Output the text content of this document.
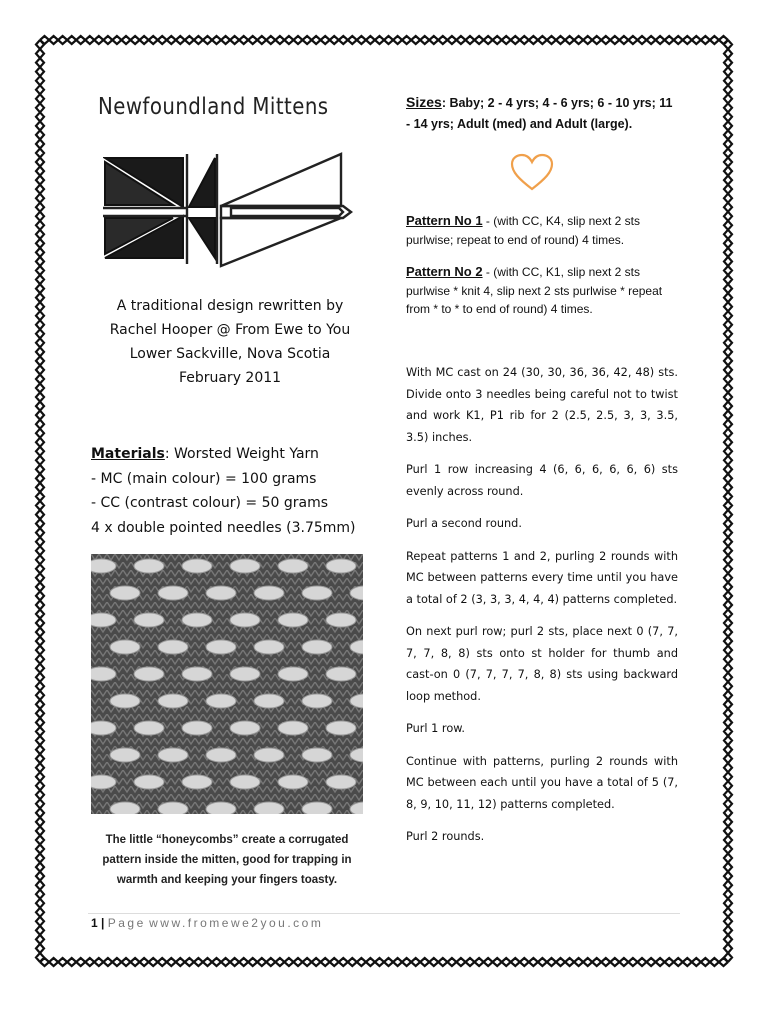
Newfoundland Mittens
A traditional design rewritten by
Rachel Hooper @ From Ewe to You
Lower Sackville, Nova Scotia
February 2011
Materials: Worsted Weight Yarn
- MC (main colour) = 100 grams
- CC (contrast colour) = 50 grams
4 x double pointed needles (3.75mm)
The little “honeycombs” create a corrugated pattern inside the mitten, good for trapping in warmth and keeping your fingers toasty.
Sizes: Baby; 2 - 4 yrs; 4 - 6 yrs; 6 - 10 yrs; 11 - 14 yrs; Adult (med) and Adult (large).
Pattern No 1 - (with CC, K4, slip next 2 sts purlwise; repeat to end of round) 4 times.
Pattern No 2 - (with CC, K1, slip next 2 sts purlwise * knit 4, slip next 2 sts purlwise * repeat from * to * to end of round) 4 times.

With MC cast on 24 (30, 30, 36, 36, 42, 48) sts. Divide onto 3 needles being careful not to twist and work K1, P1 rib for 2 (2.5, 2.5, 3, 3, 3.5, 3.5) inches.

Purl 1 row increasing 4 (6, 6, 6, 6, 6, 6) sts evenly across round.

Purl a second round.

Repeat patterns 1 and 2, purling 2 rounds with MC between patterns every time until you have a total of 2 (3, 3, 3, 4, 4, 4) patterns completed.

On next purl row; purl 2 sts, place next 0 (7, 7, 7, 7, 8, 8) sts onto st holder for thumb and cast-on 0 (7, 7, 7, 7, 8, 8) sts using backward loop method.

Purl 1 row.

Continue with patterns, purling 2 rounds with MC between each until you have a total of 5 (7, 8, 9, 10, 11, 12) patterns completed.

Purl 2 rounds.

1 | Page www.fromewe2you.com
